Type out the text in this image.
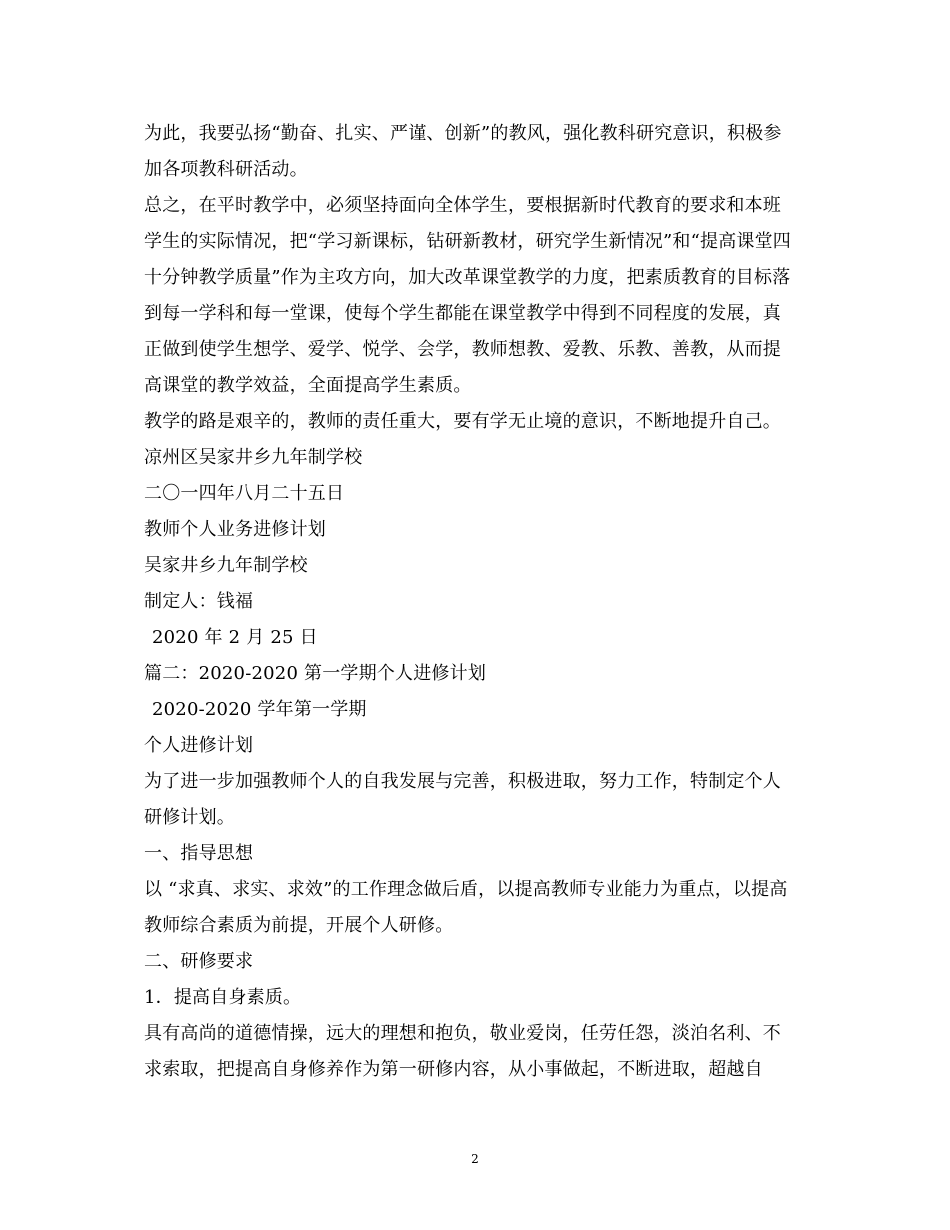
为此，我要弘扬“勤奋、扎实、严谨、创新”的教风，强化教科研究意识，积极参
加各项教科研活动。
总之，在平时教学中，必须坚持面向全体学生，要根据新时代教育的要求和本班
学生的实际情况，把“学习新课标，钻研新教材，研究学生新情况”和“提高课堂四
十分钟教学质量”作为主攻方向，加大改革课堂教学的力度，把素质教育的目标落
到每一学科和每一堂课，使每个学生都能在课堂教学中得到不同程度的发展，真
正做到使学生想学、爱学、悦学、会学，教师想教、爱教、乐教、善教，从而提
高课堂的教学效益，全面提高学生素质。
教学的路是艰辛的，教师的责任重大，要有学无止境的意识，不断地提升自己。
凉州区吴家井乡九年制学校
二〇一四年八月二十五日
教师个人业务进修计划
吴家井乡九年制学校
制定人：钱福
2020 年 2 月 25 日
篇二：2020-2020 第一学期个人进修计划
2020-2020 学年第一学期
个人进修计划
为了进一步加强教师个人的自我发展与完善，积极进取，努力工作，特制定个人
研修计划。
一、指导思想
以 “求真、求实、求效”的工作理念做后盾，以提高教师专业能力为重点，以提高
教师综合素质为前提，开展个人研修。
二、研修要求
1．提高自身素质。
具有高尚的道德情操，远大的理想和抱负，敬业爱岗，任劳任怨，淡泊名利、不
求索取，把提高自身修养作为第一研修内容，从小事做起，不断进取，超越自
2
